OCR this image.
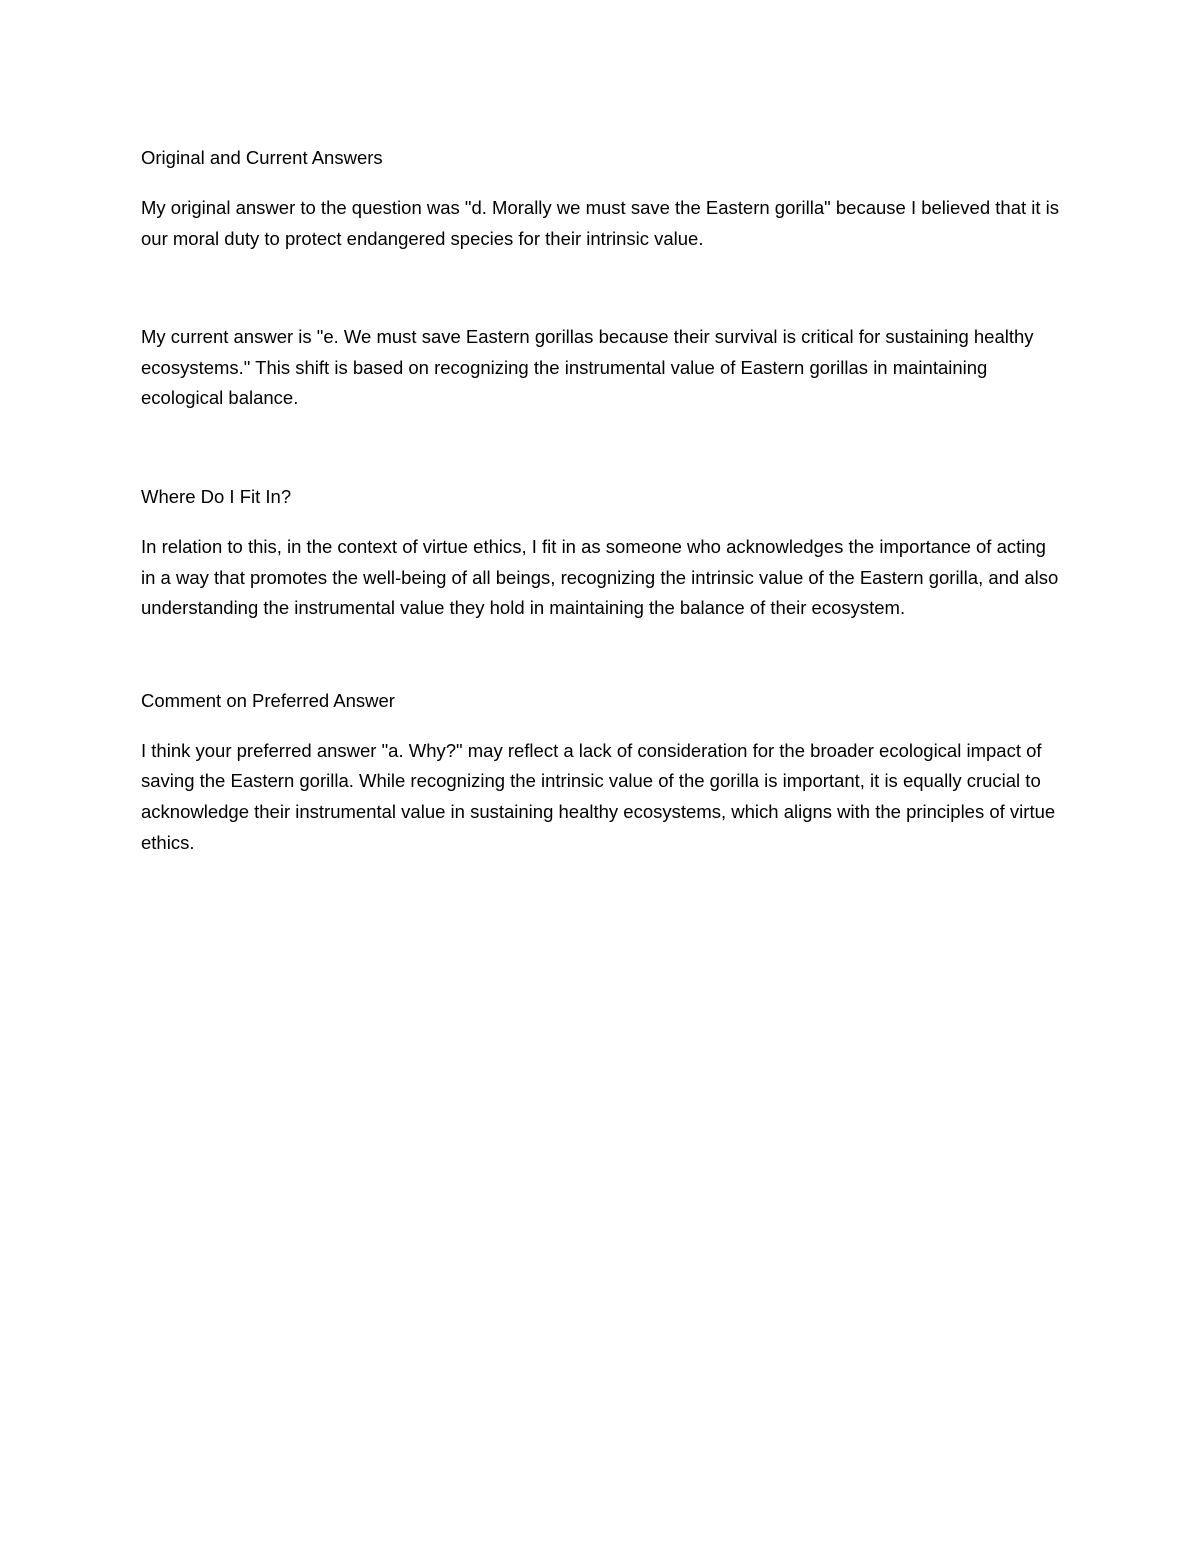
Original and Current Answers

My original answer to the question was "d. Morally we must save the Eastern gorilla" because I believed that it is our moral duty to protect endangered species for their intrinsic value.

My current answer is "e. We must save Eastern gorillas because their survival is critical for sustaining healthy ecosystems." This shift is based on recognizing the instrumental value of Eastern gorillas in maintaining ecological balance.

Where Do I Fit In?

In relation to this, in the context of virtue ethics, I fit in as someone who acknowledges the importance of acting in a way that promotes the well-being of all beings, recognizing the intrinsic value of the Eastern gorilla, and also understanding the instrumental value they hold in maintaining the balance of their ecosystem.

Comment on Preferred Answer

I think your preferred answer "a. Why?" may reflect a lack of consideration for the broader ecological impact of saving the Eastern gorilla. While recognizing the intrinsic value of the gorilla is important, it is equally crucial to acknowledge their instrumental value in sustaining healthy ecosystems, which aligns with the principles of virtue ethics.
